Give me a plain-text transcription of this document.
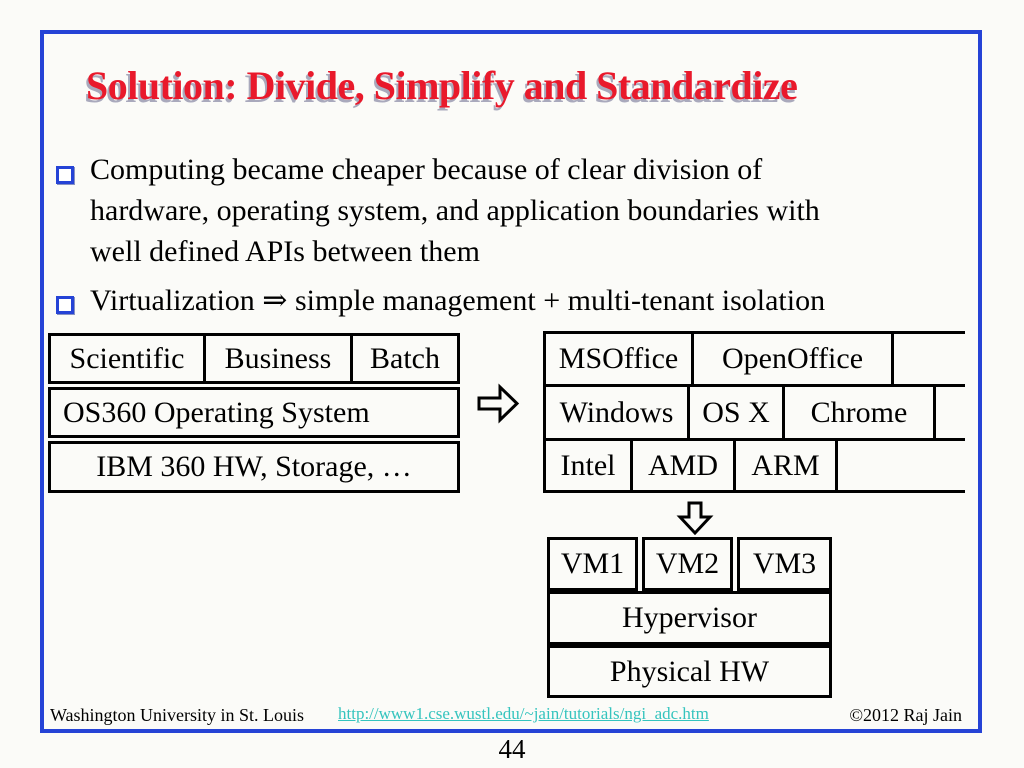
Solution: Divide, Simplify and Standardize
Computing became cheaper because of clear division of
hardware, operating system, and application boundaries with
well defined APIs between them
Virtualization ⇒ simple management + multi-tenant isolation
Scientific	Business	Batch
OS360 Operating System
IBM 360 HW, Storage, …
MSOffice	OpenOffice
Windows OS X	Chrome
Intel	AMD	ARM
VM1	VM2	VM3
Hypervisor
Physical HW
Washington University in St. Louis http://www1.cse.wustl.edu/~jain/tutorials/ngi_adc.htm	©2012 Raj Jain
44
